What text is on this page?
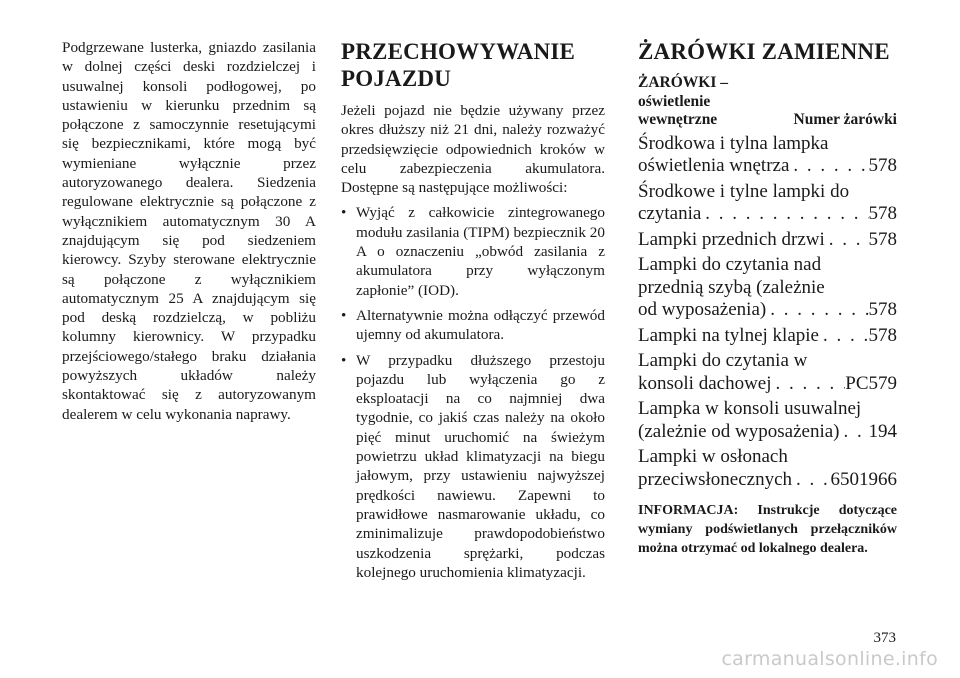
Podgrzewane lusterka, gniazdo zasilania w dolnej części deski rozdzielczej i usuwalnej konsoli podłogowej, po ustawieniu w kierunku przednim są połączone z samoczynnie resetującymi się bezpiecznikami, które mogą być wymieniane wyłącznie przez autoryzowanego dealera. Siedzenia regulowane elektrycznie są połączone z wyłącznikiem automatycznym 30 A znajdującym się pod siedzeniem kierowcy. Szyby sterowane elektrycznie są połączone z wyłącznikiem automatycznym 25 A znajdującym się pod deską rozdzielczą, w pobliżu kolumny kierownicy. W przypadku przejściowego/stałego braku działania powyższych układów należy skontaktować się z autoryzowanym dealerem w celu wykonania naprawy.

PRZECHOWYWANIE
POJAZDU

Jeżeli pojazd nie będzie używany przez okres dłuższy niż 21 dni, należy rozważyć przedsięwzięcie odpowiednich kroków w celu zabezpieczenia akumulatora. Dostępne są następujące możliwości:

• Wyjąć z całkowicie zintegrowanego modułu zasilania (TIPM) bezpiecznik 20 A o oznaczeniu „obwód zasilania z akumulatora przy wyłączonym zapłonie” (IOD).
• Alternatywnie można odłączyć przewód ujemny od akumulatora.
• W przypadku dłuższego przestoju pojazdu lub wyłączenia go z eksploatacji na co najmniej dwa tygodnie, co jakiś czas należy na około pięć minut uruchomić na świeżym powietrzu układ klimatyzacji na biegu jałowym, przy ustawieniu najwyższej prędkości nawiewu. Zapewni to prawidłowe nasmarowanie układu, co zminimalizuje prawdopodobieństwo uszkodzenia sprężarki, podczas kolejnego uruchomienia klimatyzacji.
ŻARÓWKI ZAMIENNE
ŻARÓWKI –
oświetlenie
wewnętrzne	Numer żarówki
Środkowa i tylna lampka
oświetlenia wnętrza . . .	578
Środkowe i tylne lampki do
czytania . . .	578
Lampki przednich drzwi . . . 578
Lampki do czytania nad
przednią szybą (zależnie
od wyposażenia) . . .	578
Lampki na tylnej klapie . . .	578
Lampki do czytania w
konsoli dachowej . . .	PC579
Lampka w konsoli usuwalnej
(zależnie od wyposażenia) . . . 194
Lampki w osłonach
przeciwsłonecznych . . . 6501966
INFORMACJA: Instrukcje dotyczące wymiany podświetlanych przełączników można otrzymać od lokalnego dealera.
373
carmanualsonline.info
